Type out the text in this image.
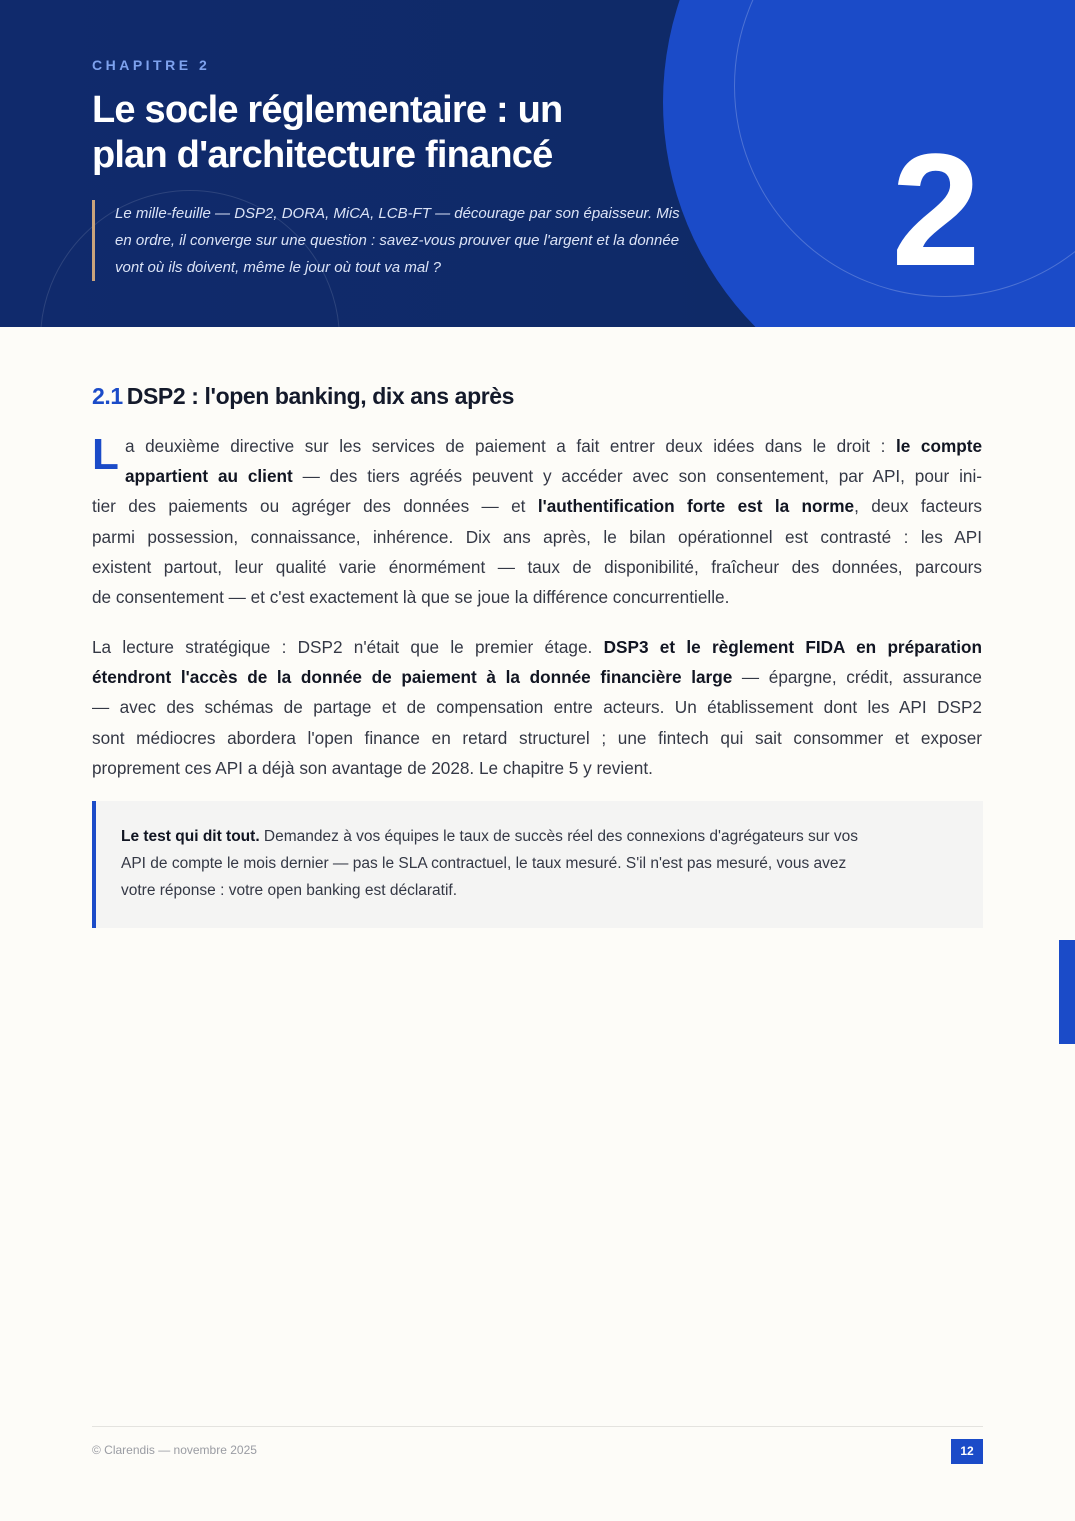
CHAPITRE 2
Le socle réglementaire : un
plan d'architecture financé
Le mille-feuille — DSP2, DORA, MiCA, LCB-FT — décourage par son épaisseur. Mis
en ordre, il converge sur une question : savez-vous prouver que l'argent et la donnée
vont où ils doivent, même le jour où tout va mal ?	2
2.1 DSP2 : l'open banking, dix ans après
L a deuxième directive sur les services de paiement a fait entrer deux idées dans le droit : le compte
appartient au client — des tiers agréés peuvent y accéder avec son consentement, par API, pour ini-
tier des paiements ou agréger des données — et l'authentification forte est la norme, deux facteurs
parmi possession, connaissance, inhérence. Dix ans après, le bilan opérationnel est contrasté : les API
existent partout, leur qualité varie énormément — taux de disponibilité, fraîcheur des données, parcours
de consentement — et c'est exactement là que se joue la différence concurrentielle.
La lecture stratégique : DSP2 n'était que le premier étage. DSP3 et le règlement FIDA en préparation
étendront l'accès de la donnée de paiement à la donnée financière large — épargne, crédit, assurance
— avec des schémas de partage et de compensation entre acteurs. Un établissement dont les API DSP2
sont médiocres abordera l'open finance en retard structurel ; une fintech qui sait consommer et exposer
proprement ces API a déjà son avantage de 2028. Le chapitre 5 y revient.
Le test qui dit tout. Demandez à vos équipes le taux de succès réel des connexions d'agrégateurs sur vos
API de compte le mois dernier — pas le SLA contractuel, le taux mesuré. S'il n'est pas mesuré, vous avez
votre réponse : votre open banking est déclaratif.
© Clarendis — novembre 2025	12
